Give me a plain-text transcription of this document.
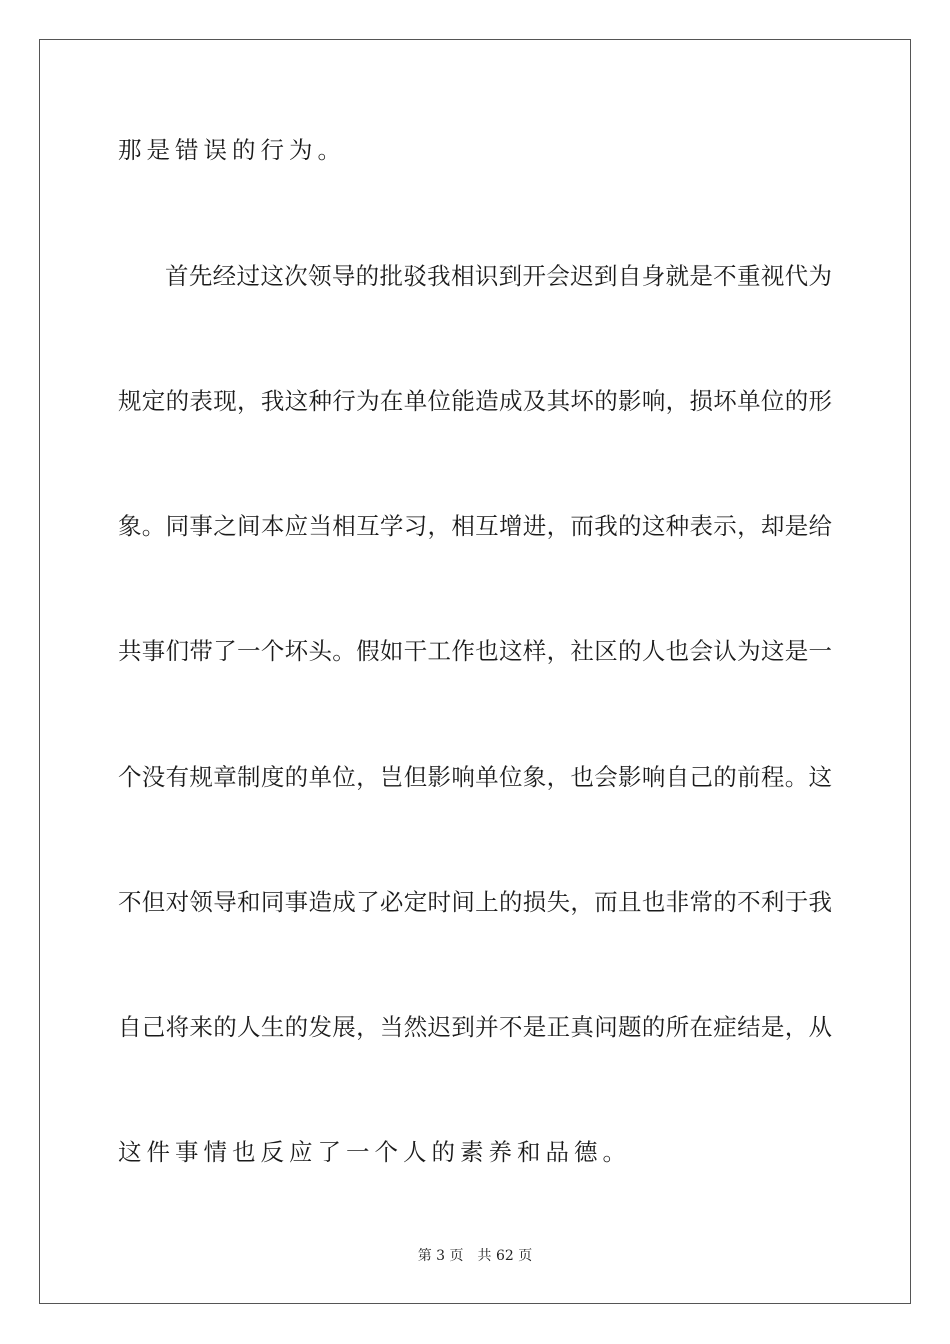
那是错误的行为。
首先经过这次领导的批驳我相识到开会迟到自身就是不重视代为
规定的表现，我这种行为在单位能造成及其坏的影响，损坏单位的形
象。同事之间本应当相互学习，相互增进，而我的这种表示，却是给
共事们带了一个坏头。假如干工作也这样，社区的人也会认为这是一
个没有规章制度的单位，岂但影响单位象，也会影响自己的前程。这
不但对领导和同事造成了必定时间上的损失，而且也非常的不利于我
自己将来的人生的发展，当然迟到并不是正真问题的所在症结是，从
这件事情也反应了一个人的素养和品德。
第 3 页 共 62 页
